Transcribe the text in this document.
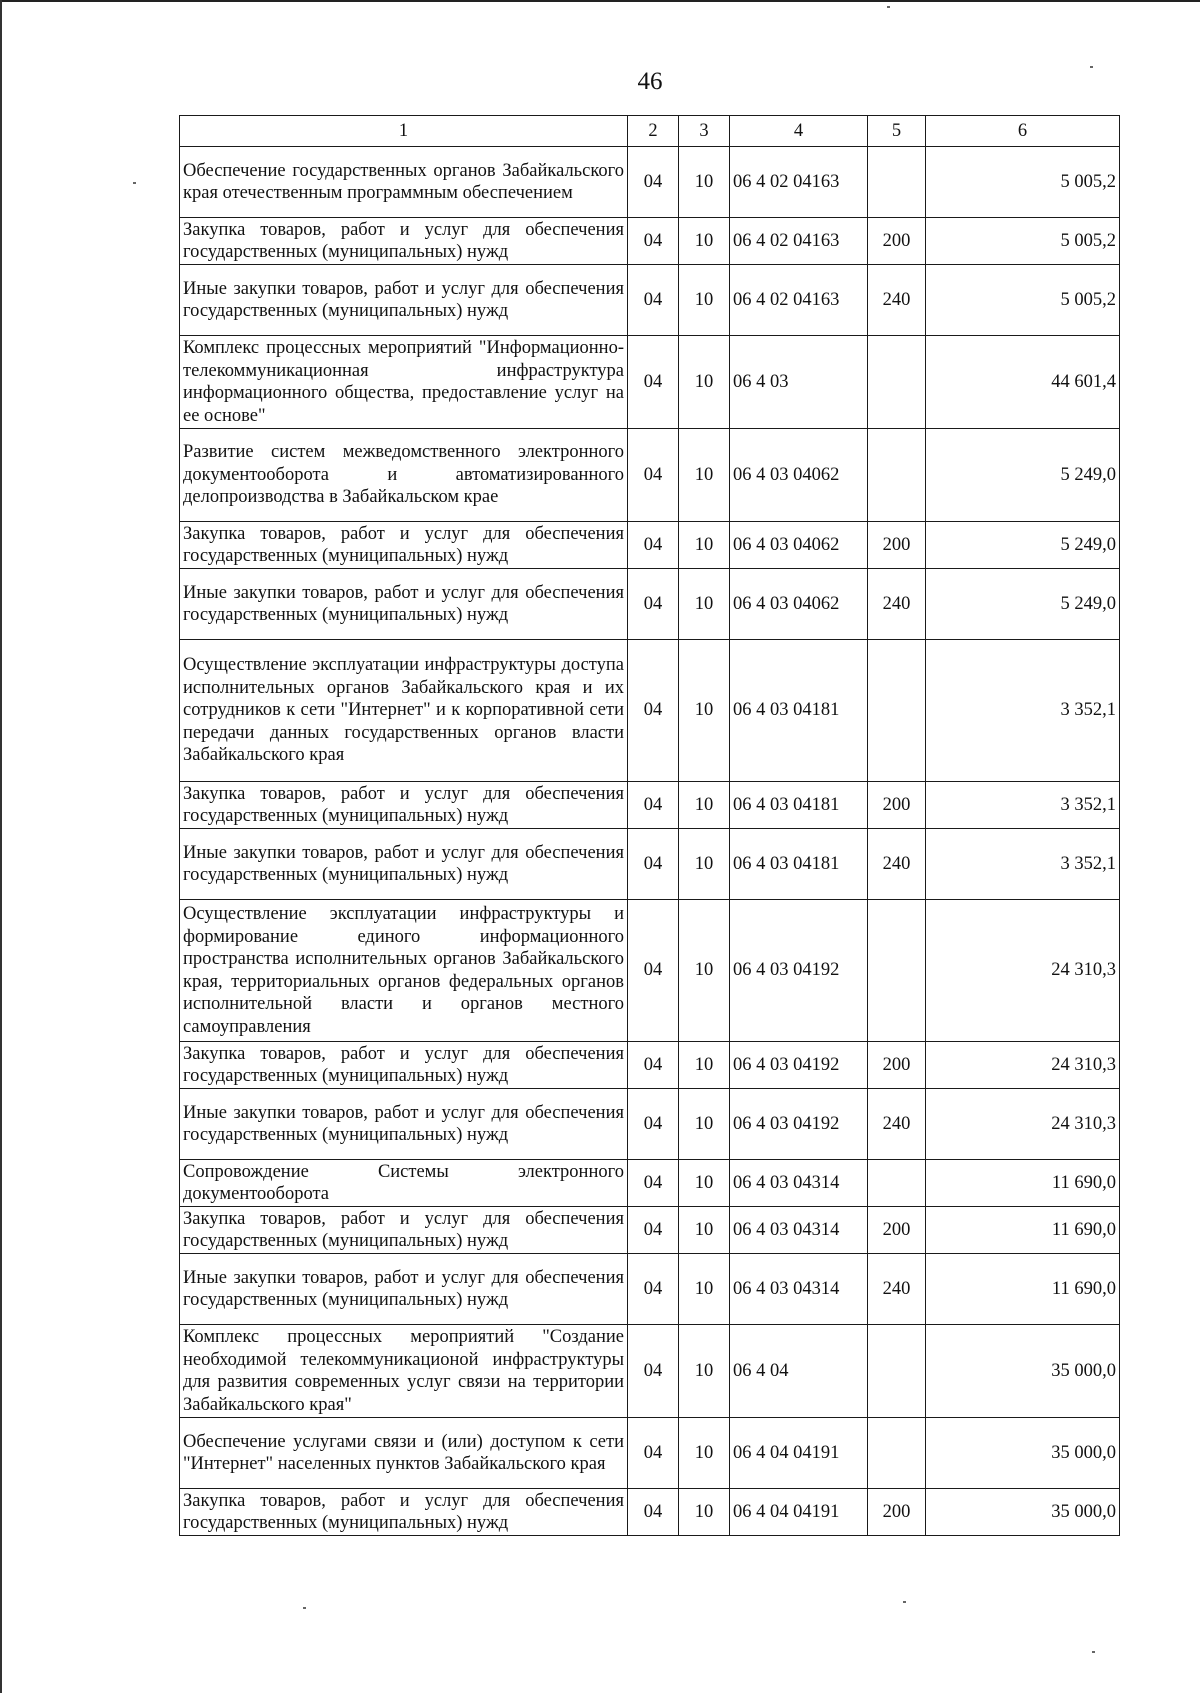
46
1	2	3	4	5	6
Обеспечение государственных органов Забайкальского края отечественным программным обеспечением	04	10	06 4 02 04163		5 005,2
Закупка товаров, работ и услуг для обеспечения государственных (муниципальных) нужд	04	10	06 4 02 04163	200	5 005,2
Иные закупки товаров, работ и услуг для обеспечения государственных (муниципальных) нужд	04	10	06 4 02 04163	240	5 005,2
Комплекс процессных мероприятий "Информационно-телекоммуникационная инфраструктура информационного общества, предоставление услуг на ее основе"	04	10	06 4 03		44 601,4
Развитие систем межведомственного электронного документооборота и автоматизированного делопроизводства в Забайкальском крае	04	10	06 4 03 04062		5 249,0
Закупка товаров, работ и услуг для обеспечения государственных (муниципальных) нужд	04	10	06 4 03 04062	200	5 249,0
Иные закупки товаров, работ и услуг для обеспечения государственных (муниципальных) нужд	04	10	06 4 03 04062	240	5 249,0
Осуществление эксплуатации инфраструктуры доступа исполнительных органов Забайкальского края и их сотрудников к сети "Интернет" и к корпоративной сети передачи данных государственных органов власти Забайкальского края	04	10	06 4 03 04181		3 352,1
Закупка товаров, работ и услуг для обеспечения государственных (муниципальных) нужд	04	10	06 4 03 04181	200	3 352,1
Иные закупки товаров, работ и услуг для обеспечения государственных (муниципальных) нужд	04	10	06 4 03 04181	240	3 352,1
Осуществление эксплуатации инфраструктуры и формирование единого информационного пространства исполнительных органов Забайкальского края, территориальных органов федеральных органов исполнительной власти и органов местного самоуправления	04	10	06 4 03 04192		24 310,3
Закупка товаров, работ и услуг для обеспечения государственных (муниципальных) нужд	04	10	06 4 03 04192	200	24 310,3
Иные закупки товаров, работ и услуг для обеспечения государственных (муниципальных) нужд	04	10	06 4 03 04192	240	24 310,3
Сопровождение Системы электронного документооборота	04	10	06 4 03 04314		11 690,0
Закупка товаров, работ и услуг для обеспечения государственных (муниципальных) нужд	04	10	06 4 03 04314	200	11 690,0
Иные закупки товаров, работ и услуг для обеспечения государственных (муниципальных) нужд	04	10	06 4 03 04314	240	11 690,0
Комплекс процессных мероприятий "Создание необходимой телекоммуникационой инфраструктуры для развития современных услуг связи на территории Забайкальского края"	04	10	06 4 04		35 000,0
Обеспечение услугами связи и (или) доступом к сети "Интернет" населенных пунктов Забайкальского края	04	10	06 4 04 04191		35 000,0
Закупка товаров, работ и услуг для обеспечения государственных (муниципальных) нужд	04	10	06 4 04 04191	200	35 000,0
